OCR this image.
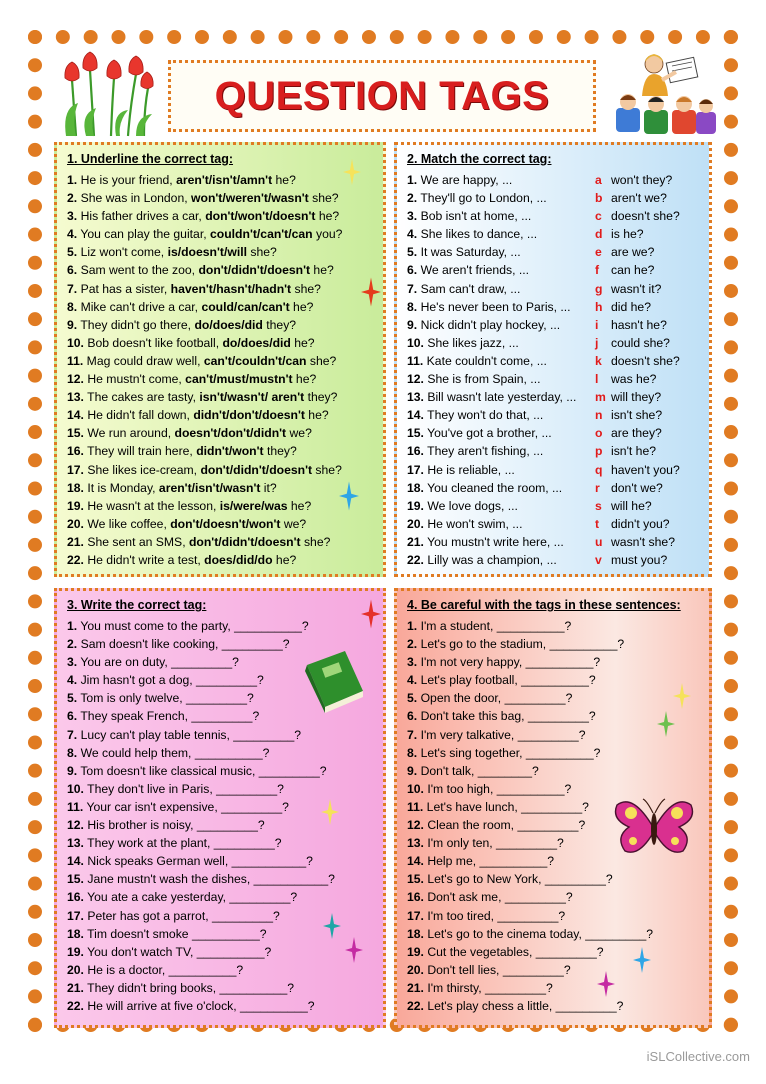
QUESTION TAGS
1. Underline the correct tag:
1. He is your friend, aren't/isn't/amn't he?
2. She was in London, won't/weren't/wasn't she?
3. His father drives a car, don't/won't/doesn't he?
4. You can play the guitar, couldn't/can't/can you?
5. Liz won't come, is/doesn't/will she?
6. Sam went to the zoo, don't/didn't/doesn't he?
7. Pat has a sister, haven't/hasn't/hadn't she?
8. Mike can't drive a car, could/can/can't he?
9. They didn't go there, do/does/did they?
10. Bob doesn't like football, do/does/did he?
11. Mag could draw well, can't/couldn't/can she?
12. He mustn't come, can't/must/mustn't he?
13. The cakes are tasty, isn't/wasn't/ aren't they?
14. He didn't fall down, didn't/don't/doesn't he?
15. We run around, doesn't/don't/didn't we?
16. They will train here, didn't/won't they?
17. She likes ice-cream, don't/didn't/doesn't she?
18. It is Monday, aren't/isn't/wasn't it?
19. He wasn't at the lesson, is/were/was he?
20. We like coffee, don't/doesn't/won't we?
21. She sent an SMS, don't/didn't/doesn't she?
22. He didn't write a test, does/did/do he?
2. Match the correct tag:
1. We are happy, ...	a won't they?
2. They'll go to London, ...	b aren't we?
3. Bob isn't at home, ...	c doesn't she?
4. She likes to dance, ...	d is he?
5. It was Saturday, ...	e are we?
6. We aren't friends, ...	f can he?
7. Sam can't draw, ...	g wasn't it?
8. He's never been to Paris, ... h did he?
9. Nick didn't play hockey, ...	i hasn't he?
10. She likes jazz, ...	j could she?
11. Kate couldn't come, ...	k doesn't she?
12. She is from Spain, ...	l was he?
13. Bill wasn't late yesterday, ... m will they?
14. They won't do that, ...	n isn't she?
15. You've got a brother, ...	o are they?
16. They aren't fishing, ...	p isn't he?
17. He is reliable, ...	q haven't you?
18. You cleaned the room, ...	r don't we?
19. We love dogs, ...	s will he?
20. He won't swim, ...	t didn't you?
21. You mustn't write here, ...	u wasn't she?
22. Lilly was a champion, ...	v must you?
3. Write the correct tag:
1. You must come to the party, __________?
2. Sam doesn't like cooking, _________?
3. You are on duty, _________?
4. Jim hasn't got a dog, _________?
5. Tom is only twelve, _________?
6. They speak French, _________?
7. Lucy can't play table tennis, _________?
8. We could help them, __________?
9. Tom doesn't like classical music, _________?
10. They don't live in Paris, _________?
11. Your car isn't expensive, _________?
12. His brother is noisy, _________?
13. They work at the plant, _________?
14. Nick speaks German well, ___________?
15. Jane mustn't wash the dishes, ___________?
16. You ate a cake yesterday, _________?
17. Peter has got a parrot, _________?
18. Tim doesn't smoke __________?
19. You don't watch TV, __________?
20. He is a doctor, __________?
21. They didn't bring books, __________?
22. He will arrive at five o'clock, __________?
4. Be careful with the tags in these sentences:
1. I'm a student, __________?
2. Let's go to the stadium, __________?
3. I'm not very happy, __________?
4. Let's play football, __________?
5. Open the door, _________?
6. Don't take this bag, _________?
7. I'm very talkative, _________?
8. Let's sing together, __________?
9. Don't talk, ________?
10. I'm too high, __________?
11. Let's have lunch, _________?
12. Clean the room, _________?
13. I'm only ten, _________?
14. Help me, __________?
15. Let's go to New York, _________?
16. Don't ask me, _________?
17. I'm too tired, _________?
18. Let's go to the cinema today, _________?
19. Cut the vegetables, _________?
20. Don't tell lies, _________?
21. I'm thirsty, _________?
22. Let's play chess a little, _________?
iSLCollective.com
